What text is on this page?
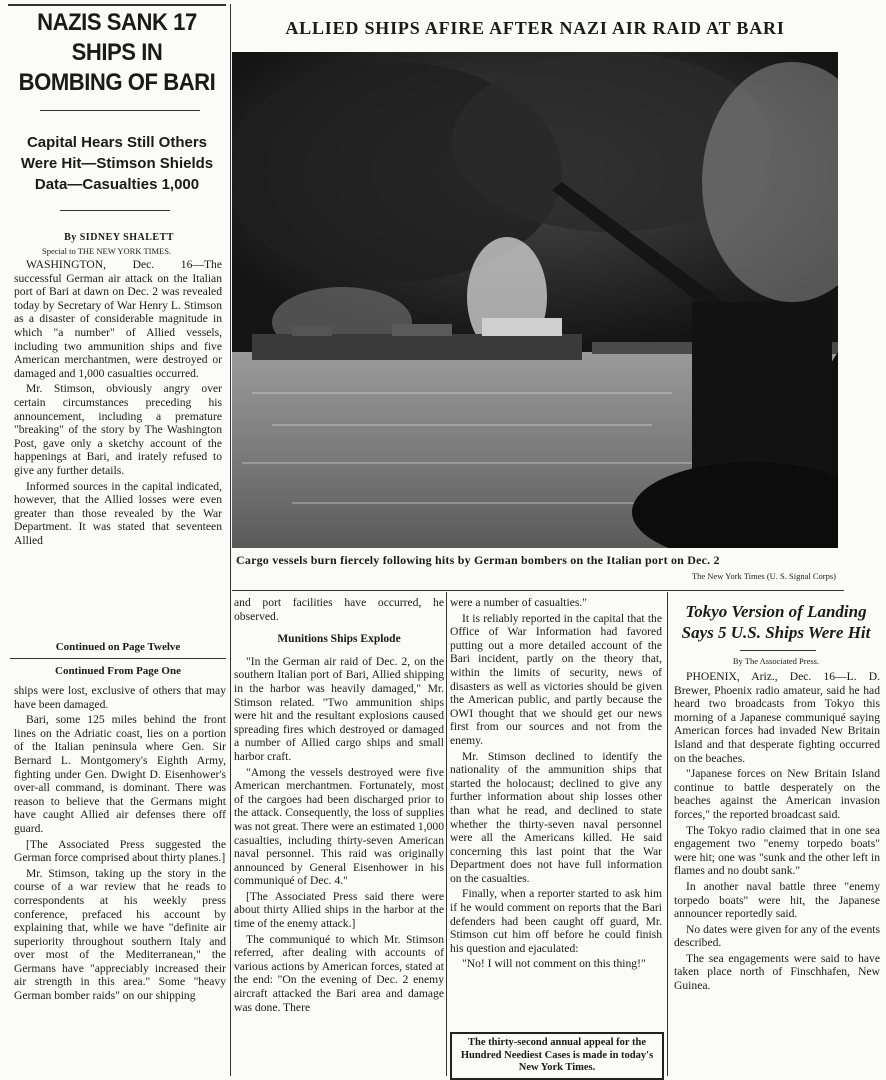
NAZIS SANK 17 SHIPS IN BOMBING OF BARI
Capital Hears Still Others Were Hit—Stimson Shields Data—Casualties 1,000
By SIDNEY SHALETT
Special to THE NEW YORK TIMES.

WASHINGTON, Dec. 16—The successful German air attack on the Italian port of Bari at dawn on Dec. 2 was revealed today by Secretary of War Henry L. Stimson as a disaster of considerable magnitude in which "a number" of Allied vessels, including two ammunition ships and five American merchantmen, were destroyed or damaged and 1,000 casualties occurred.

Mr. Stimson, obviously angry over certain circumstances preceding his announcement, including a premature "breaking" of the story by The Washington Post, gave only a sketchy account of the happenings at Bari, and irately refused to give any further details.

Informed sources in the capital indicated, however, that the Allied losses were even greater than those revealed by the War Department. It was stated that seventeen Allied

Continued on Page Twelve
Continued From Page One

ships were lost, exclusive of others that may have been damaged.

Bari, some 125 miles behind the front lines on the Adriatic coast, lies on a portion of the Italian peninsula where Gen. Sir Bernard L. Montgomery's Eighth Army, fighting under Gen. Dwight D. Eisenhower's over-all command, is dominant. There was reason to believe that the Germans might have caught Allied air defenses there off guard.

[The Associated Press suggested the German force comprised about thirty planes.]

Mr. Stimson, taking up the story in the course of a war review that he reads to correspondents at his weekly press conference, prefaced his account by explaining that, while we have "definite air superiority throughout southern Italy and over most of the Mediterranean," the Germans have "appreciably increased their air strength in this area." Some "heavy German bomber raids" on our shipping

ALLIED SHIPS AFIRE AFTER NAZI AIR RAID AT BARI
Cargo vessels burn fiercely following hits by German bombers on the Italian port on Dec. 2
The New York Times (U. S. Signal Corps)

and port facilities have occurred, he observed.

Munitions Ships Explode

"In the German air raid of Dec. 2, on the southern Italian port of Bari, Allied shipping in the harbor was heavily damaged," Mr. Stimson related. "Two ammunition ships were hit and the resultant explosions caused spreading fires which destroyed or damaged a number of Allied cargo ships and small harbor craft.

"Among the vessels destroyed were five American merchantmen. Fortunately, most of the cargoes had been discharged prior to the attack. Consequently, the loss of supplies was not great. There were an estimated 1,000 casualties, including thirty-seven American naval personnel. This raid was originally announced by General Eisenhower in his communiqué of Dec. 4."

[The Associated Press said there were about thirty Allied ships in the harbor at the time of the enemy attack.]

The communiqué to which Mr. Stimson referred, after dealing with accounts of various actions by American forces, stated at the end: "On the evening of Dec. 2 enemy aircraft attacked the Bari area and damage was done. There

were a number of casualties."

It is reliably reported in the capital that the Office of War Information had favored putting out a more detailed account of the Bari incident, partly on the theory that, within the limits of security, news of disasters as well as victories should be given the American public, and partly because the OWI thought that we should get our news first from our sources and not from the enemy.

Mr. Stimson declined to identify the nationality of the ammunition ships that started the holocaust; declined to give any further information about ship losses other than what he read, and declined to state whether the thirty-seven naval personnel were all the Americans killed. He said concerning this last point that the War Department does not have full information on the casualties.

Finally, when a reporter started to ask him if he would comment on reports that the Bari defenders had been caught off guard, Mr. Stimson cut him off before he could finish his question and ejaculated:

"No! I will not comment on this thing!"

The thirty-second annual appeal for the Hundred Neediest Cases is made in today's New York Times.
Tokyo Version of Landing Says 5 U.S. Ships Were Hit
By The Associated Press.

PHOENIX, Ariz., Dec. 16—L. D. Brewer, Phoenix radio amateur, said he had heard two broadcasts from Tokyo this morning of a Japanese communiqué saying American forces had invaded New Britain Island and that desperate fighting occurred on the beaches.

"Japanese forces on New Britain Island continue to battle desperately on the beaches against the American invasion forces," the reported broadcast said.

The Tokyo radio claimed that in one sea engagement two "enemy torpedo boats" were hit; one was "sunk and the other left in flames and no doubt sank."

In another naval battle three "enemy torpedo boats" were hit, the Japanese announcer reportedly said.

No dates were given for any of the events described.

The sea engagements were said to have taken place north of Finschhafen, New Guinea.
